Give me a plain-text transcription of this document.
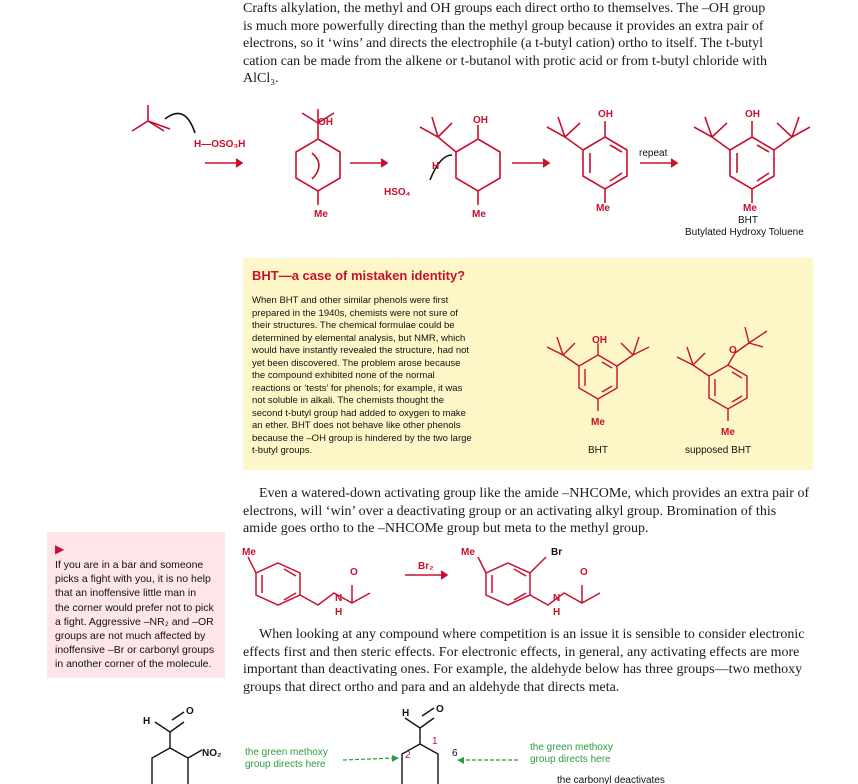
Crafts alkylation, the methyl and OH groups each direct ortho to themselves. The –OH group
is much more powerfully directing than the methyl group because it provides an extra pair of
electrons, so it ‘wins’ and directs the electrophile (a t-butyl cation) ortho to itself. The t-butyl
cation can be made from the alkene or t-butanol with protic acid or from t-butyl chloride with
AlCl₃.
H—OSO₃H
OH
Me
HSO₄
H
OH
Me
OH
Me
repeat
OH
Me
BHT
Butylated Hydroxy Toluene
BHT—a case of mistaken identity?
When BHT and other similar phenols were first
prepared in the 1940s, chemists were not sure of
their structures. The chemical formulae could be
determined by elemental analysis, but NMR, which
would have instantly revealed the structure, had not
yet been discovered. The problem arose because
the compound exhibited none of the normal
reactions or ‘tests’ for phenols; for example, it was
not soluble in alkali. The chemists thought the
second t-butyl group had added to oxygen to make
an ether. BHT does not behave like other phenols
because the –OH group is hindered by the two large
t-butyl groups.
OH
Me
BHT
O
Me
supposed BHT
Even a watered-down activating group like the amide –NHCOMe, which provides an extra pair of
electrons, will ‘win’ over a deactivating group or an activating alkyl group. Bromination of this
amide goes ortho to the –NHCOMe group but meta to the methyl group.
▶
If you are in a bar and someone
picks a fight with you, it is no help
that an inoffensive little man in
the corner would prefer not to pick
a fight. Aggressive –NR₂ and –OR
groups are not much affected by
inoffensive –Br or carbonyl groups
in another corner of the molecule.
Me
N
H
O
Br₂
Me	Br
N
H
O
When looking at any compound where competition is an issue it is sensible to consider electronic
effects first and then steric effects. For electronic effects, in general, any activating effects are more
important than deactivating ones. For example, the aldehyde below has three groups—two methoxy
groups that direct ortho and para and an aldehyde that directs meta.
H
O
NO₂
H	O
1
2	6
the green methoxy
group directs here
the green methoxy
group directs here
the carbonyl deactivates
